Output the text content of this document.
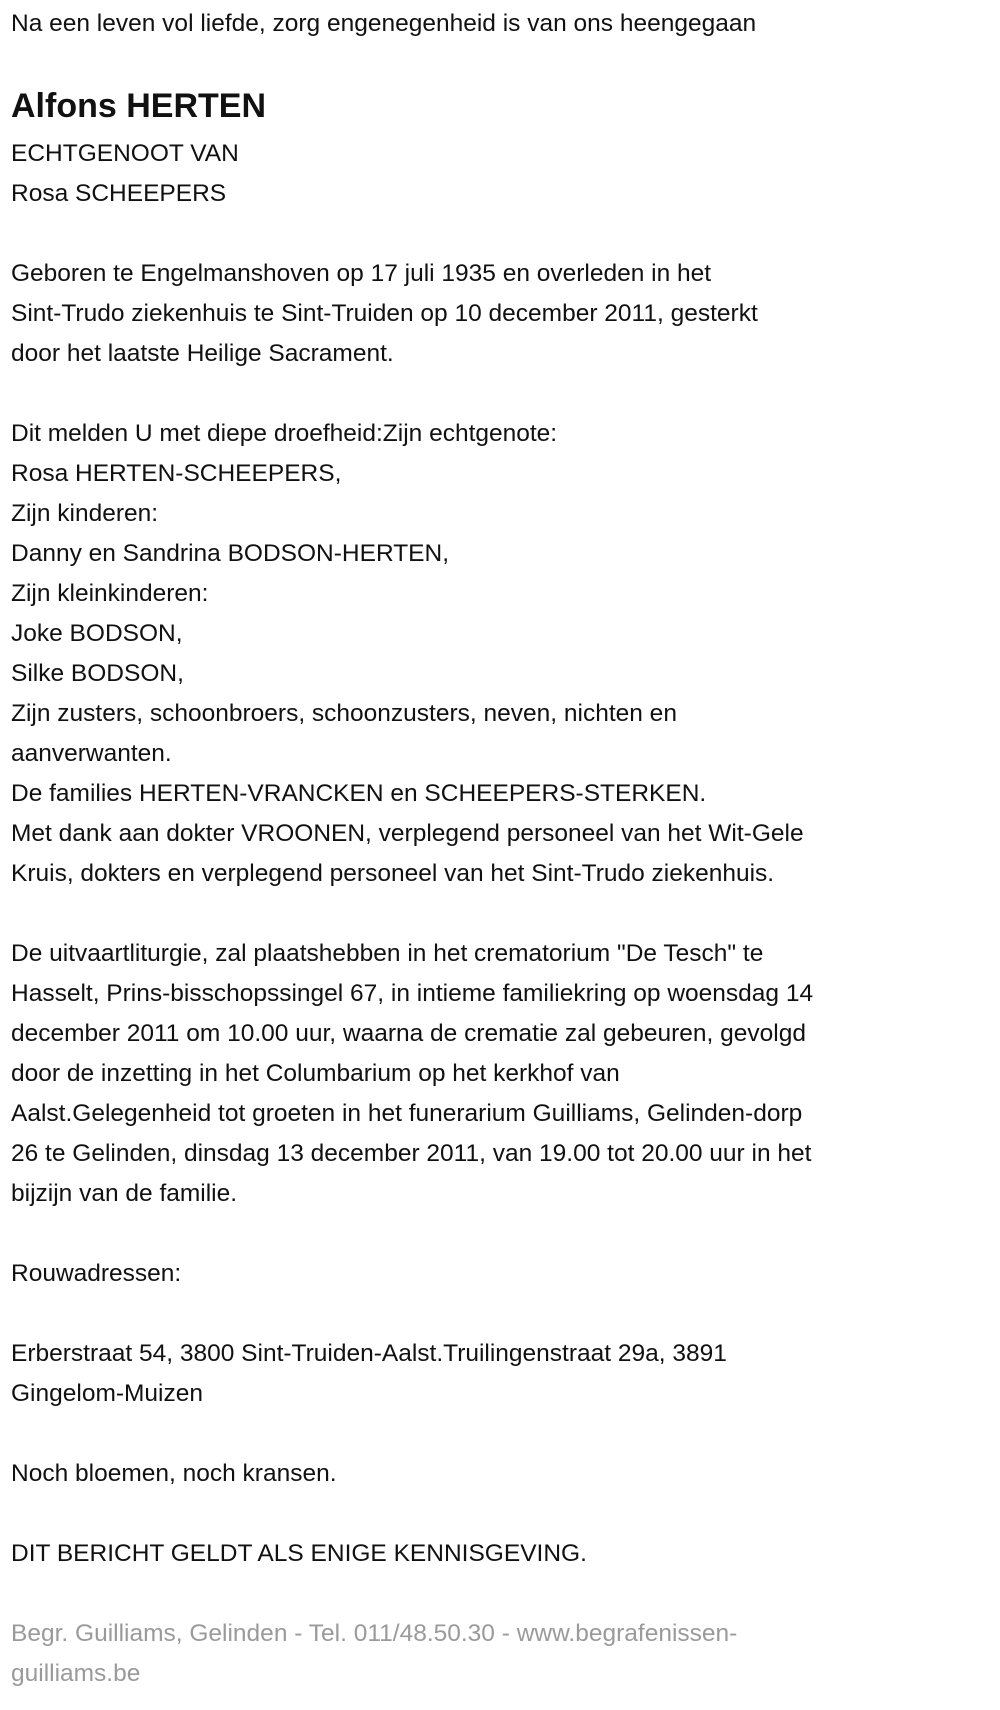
Na een leven vol liefde, zorg engenegenheid is van ons heengegaan
Alfons HERTEN
ECHTGENOOT VAN
Rosa SCHEEPERS
Geboren te Engelmanshoven op 17 juli 1935 en overleden in het
Sint-Trudo ziekenhuis te Sint-Truiden op 10 december 2011, gesterkt
door het laatste Heilige Sacrament.
Dit melden U met diepe droefheid:Zijn echtgenote:
Rosa HERTEN-SCHEEPERS,
Zijn kinderen:
Danny en Sandrina BODSON-HERTEN,
Zijn kleinkinderen:
Joke BODSON,
Silke BODSON,
Zijn zusters, schoonbroers, schoonzusters, neven, nichten en
aanverwanten.
De families HERTEN-VRANCKEN en SCHEEPERS-STERKEN.
Met dank aan dokter VROONEN, verplegend personeel van het Wit-Gele
Kruis, dokters en verplegend personeel van het Sint-Trudo ziekenhuis.
De uitvaartliturgie, zal plaatshebben in het crematorium "De Tesch" te
Hasselt, Prins-bisschopssingel 67, in intieme familiekring op woensdag 14
december 2011 om 10.00 uur, waarna de crematie zal gebeuren, gevolgd
door de inzetting in het Columbarium op het kerkhof van
Aalst.Gelegenheid tot groeten in het funerarium Guilliams, Gelinden-dorp
26 te Gelinden, dinsdag 13 december 2011, van 19.00 tot 20.00 uur in het
bijzijn van de familie.
Rouwadressen:
Erberstraat 54, 3800 Sint-Truiden-Aalst.Truilingenstraat 29a, 3891
Gingelom-Muizen
Noch bloemen, noch kransen.
DIT BERICHT GELDT ALS ENIGE KENNISGEVING.
Begr. Guilliams, Gelinden - Tel. 011/48.50.30 - www.begrafenissen-
guilliams.be
